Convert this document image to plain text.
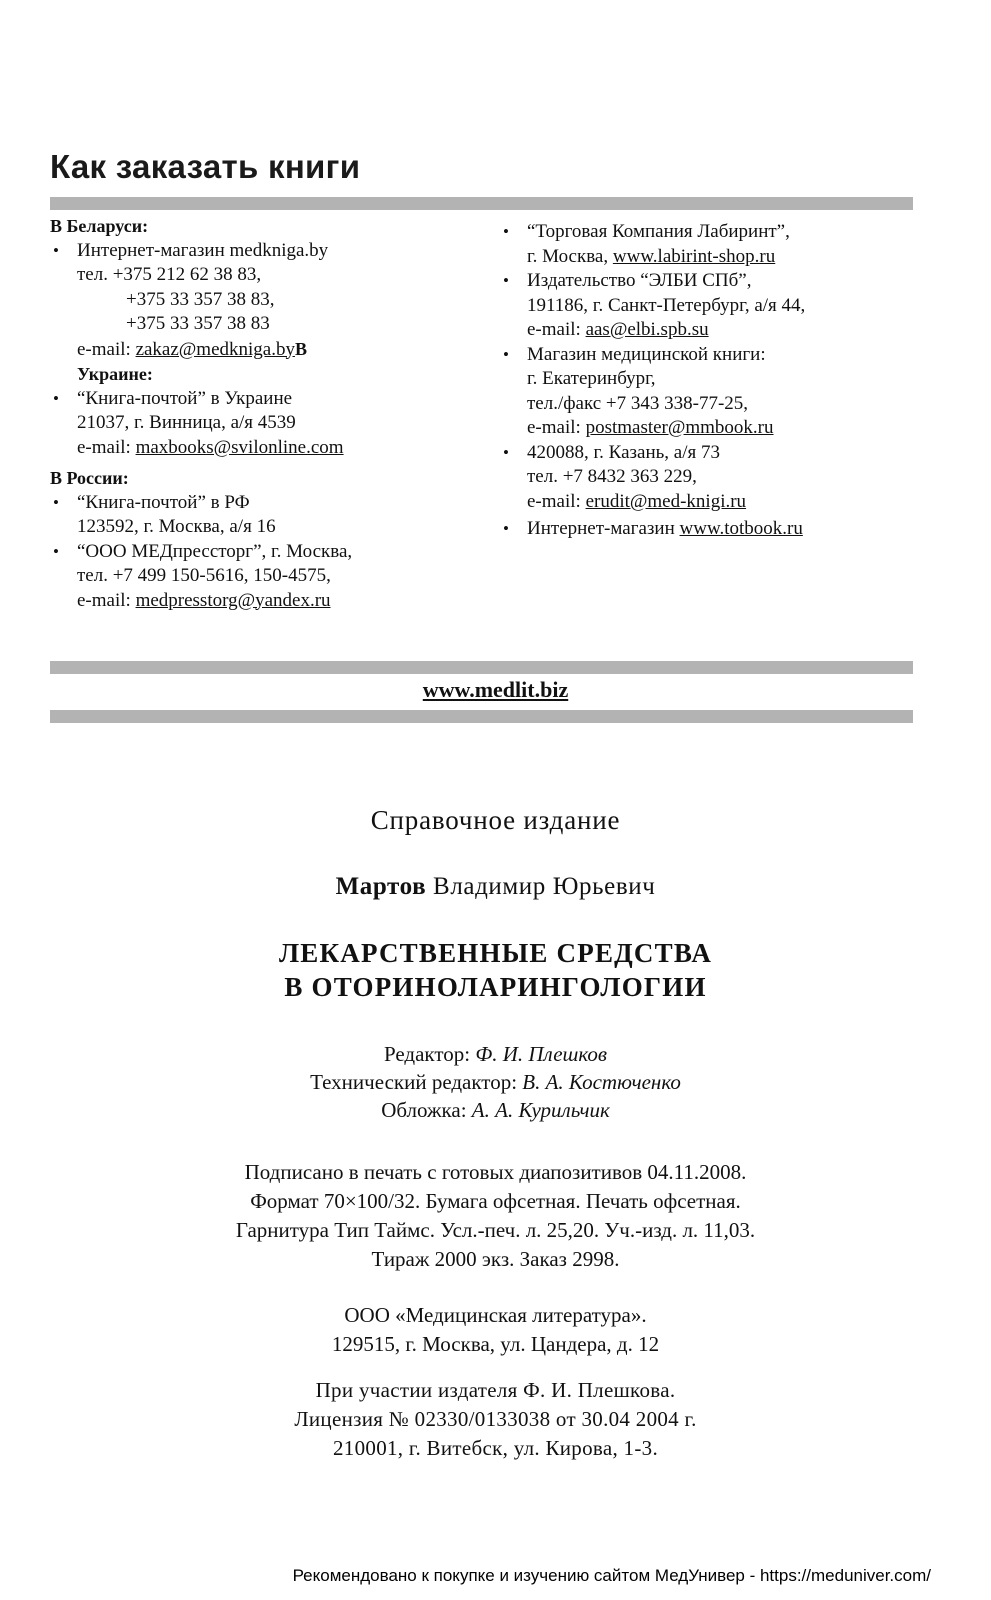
Как заказать книги
В Беларуси:
• Интернет-магазин medkniga.by
тел. +375 212 62 38 83,
+375 33 357 38 83,
+375 33 357 38 83
e-mail: zakaz@medkniga.byВ
Украине:
• “Книга-почтой” в Украине
21037, г. Винница, а/я 4539
e-mail: maxbooks@svilonline.com
В России:
• “Книга-почтой” в РФ
123592, г. Москва, а/я 16
• “ООО МЕДпрессторг”, г. Москва,
тел. +7 499 150-5616, 150-4575,
e-mail: medpresstorg@yandex.ru
• “Торговая Компания Лабиринт”,
г. Москва, www.labirint-shop.ru
• Издательство “ЭЛБИ СПб”,
191186, г. Санкт-Петербург, а/я 44,
e-mail: aas@elbi.spb.su
• Магазин медицинской книги:
г. Екатеринбург,
тел./факс +7 343 338-77-25,
e-mail: postmaster@mmbook.ru
• 420088, г. Казань, а/я 73
тел. +7 8432 363 229,
e-mail: erudit@med-knigi.ru
• Интернет-магазин www.totbook.ru
www.medlit.biz
Справочное издание
Мартов Владимир Юрьевич
ЛЕКАРСТВЕННЫЕ СРЕДСТВА
В ОТОРИНОЛАРИНГОЛОГИИ
Редактор: Ф. И. Плешков
Технический редактор: В. А. Костюченко
Обложка: А. А. Курильчик
Подписано в печать с готовых диапозитивов 04.11.2008.
Формат 70×100/32. Бумага офсетная. Печать офсетная.
Гарнитура Тип Таймс. Усл.-печ. л. 25,20. Уч.-изд. л. 11,03.
Тираж 2000 экз. Заказ 2998.
ООО «Медицинская литература».
129515, г. Москва, ул. Цандера, д. 12
При участии издателя Ф. И. Плешкова.
Лицензия № 02330/0133038 от 30.04 2004 г.
210001, г. Витебск, ул. Кирова, 1-3.
Рекомендовано к покупке и изучению сайтом МедУнивер - https://meduniver.com/
